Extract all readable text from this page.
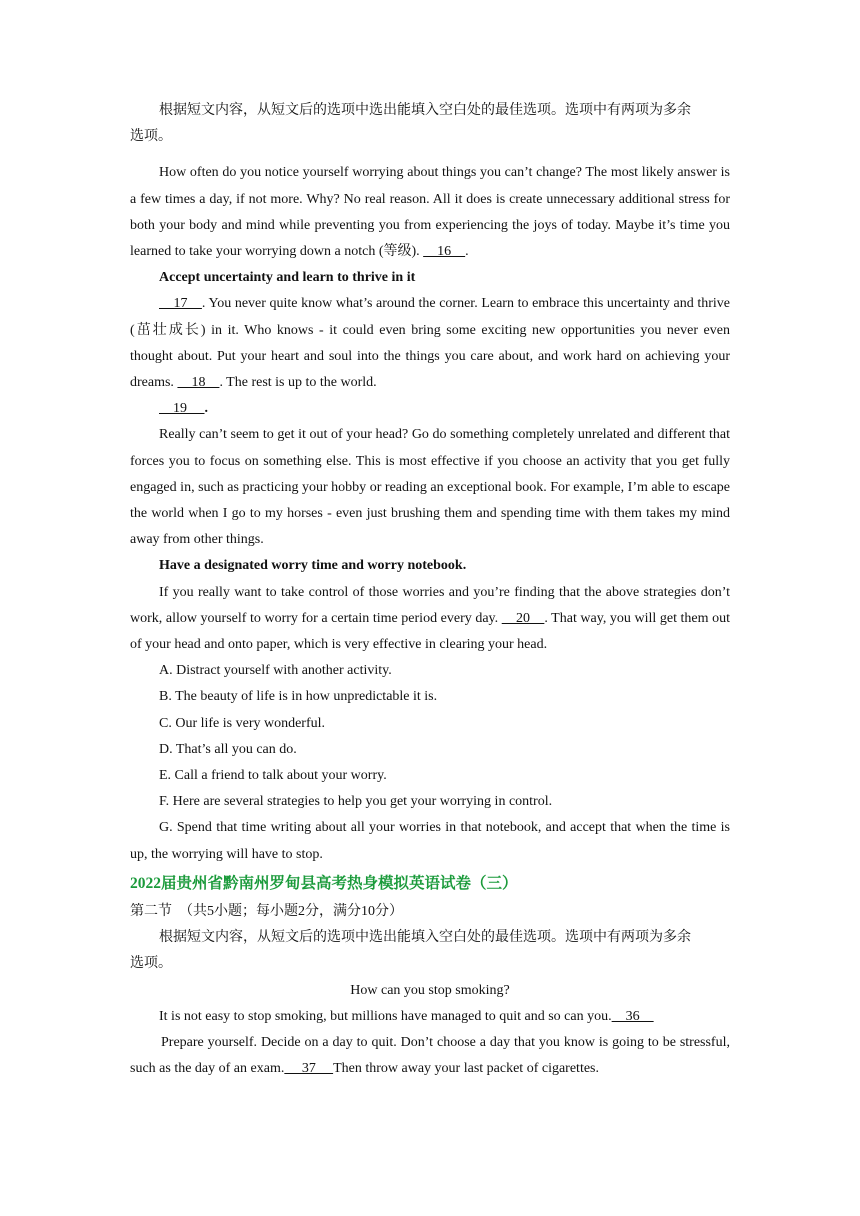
根据短文内容，从短文后的选项中选出能填入空白处的最佳选项。选项中有两项为多余

选项。

How often do you notice yourself worrying about things you can’t change? The most likely answer is a few times a day, if not more. Why? No real reason. All it does is create unnecessary additional stress for both your body and mind while preventing you from experiencing the joys of today. Maybe it’s time you learned to take your worrying down a notch (等级).     16    .

Accept uncertainty and learn to thrive in it

17    . You never quite know what’s around the corner. Learn to embrace this uncertainty and thrive (茁壮成长) in it. Who knows - it could even bring some exciting new opportunities you never even thought about. Put your heart and soul into the things you care about, and work hard on achieving your dreams.     18    . The rest is up to the world.

19     .

Really can’t seem to get it out of your head? Go do something completely unrelated and different that forces you to focus on something else. This is most effective if you choose an activity that you get fully engaged in, such as practicing your hobby or reading an exceptional book. For example, I’m able to escape the world when I go to my horses - even just brushing them and spending time with them takes my mind away from other things.

Have a designated worry time and worry notebook.

If you really want to take control of those worries and you’re finding that the above strategies don’t work, allow yourself to worry for a certain time period every day.     20    . That way, you will get them out of your head and onto paper, which is very effective in clearing your head.

A. Distract yourself with another activity.

B. The beauty of life is in how unpredictable it is.

C. Our life is very wonderful.

D. That’s all you can do.

E. Call a friend to talk about your worry.

F. Here are several strategies to help you get your worrying in control.

G. Spend that time writing about all your worries in that notebook, and accept that when the time is up, the worrying will have to stop.

2022届贵州省黔南州罗甸县高考热身模拟英语试卷（三）

第二节  （共5小题；每小题2分，满分10分）

根据短文内容，从短文后的选项中选出能填入空白处的最佳选项。选项中有两项为多余

选项。

How can you stop smoking?

It is not easy to stop smoking, but millions have managed to quit and so can you.    36

Prepare yourself. Decide on a day to quit. Don’t choose a day that you know is going to be stressful, such as the day of an exam.     37     Then throw away your last packet of cigarettes.
